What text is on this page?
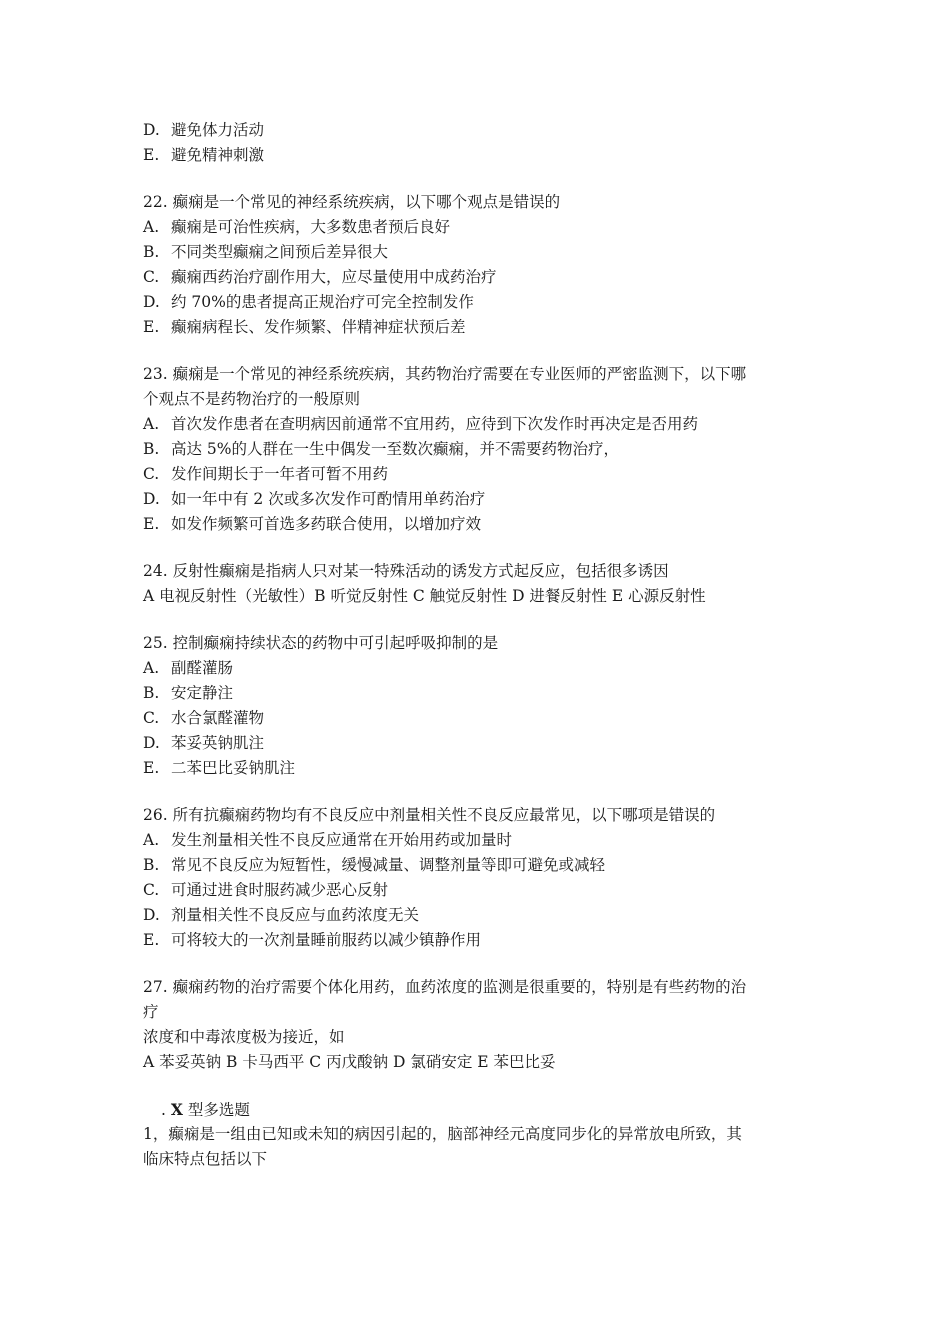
D. 避免体力活动
E. 避免精神刺激
22. 癫痫是一个常见的神经系统疾病，以下哪个观点是错误的
A. 癫痫是可治性疾病，大多数患者预后良好
B. 不同类型癫痫之间预后差异很大
C. 癫痫西药治疗副作用大，应尽量使用中成药治疗
D. 约 70%的患者提高正规治疗可完全控制发作
E. 癫痫病程长、发作频繁、伴精神症状预后差
23. 癫痫是一个常见的神经系统疾病，其药物治疗需要在专业医师的严密监测下，以下哪
个观点不是药物治疗的一般原则
A. 首次发作患者在查明病因前通常不宜用药，应待到下次发作时再决定是否用药
B. 高达 5%的人群在一生中偶发一至数次癫痫，并不需要药物治疗，
C. 发作间期长于一年者可暂不用药
D. 如一年中有 2 次或多次发作可酌情用单药治疗
E. 如发作频繁可首选多药联合使用，以增加疗效
24. 反射性癫痫是指病人只对某一特殊活动的诱发方式起反应，包括很多诱因
A 电视反射性（光敏性）B 听觉反射性 C 触觉反射性 D 进餐反射性 E 心源反射性
25. 控制癫痫持续状态的药物中可引起呼吸抑制的是
A. 副醛灌肠
B. 安定静注
C. 水合氯醛灌物
D. 苯妥英钠肌注
E. 二苯巴比妥钠肌注
26. 所有抗癫痫药物均有不良反应中剂量相关性不良反应最常见，以下哪项是错误的
A. 发生剂量相关性不良反应通常在开始用药或加量时
B. 常见不良反应为短暂性，缓慢减量、调整剂量等即可避免或减轻
C. 可通过进食时服药减少恶心反射
D. 剂量相关性不良反应与血药浓度无关
E. 可将较大的一次剂量睡前服药以减少镇静作用
27. 癫痫药物的治疗需要个体化用药，血药浓度的监测是很重要的，特别是有些药物的治
疗
浓度和中毒浓度极为接近，如
A 苯妥英钠 B 卡马西平 C 丙戊酸钠 D 氯硝安定 E 苯巴比妥
. X 型多选题
1，癫痫是一组由已知或未知的病因引起的，脑部神经元高度同步化的异常放电所致，其
临床特点包括以下
